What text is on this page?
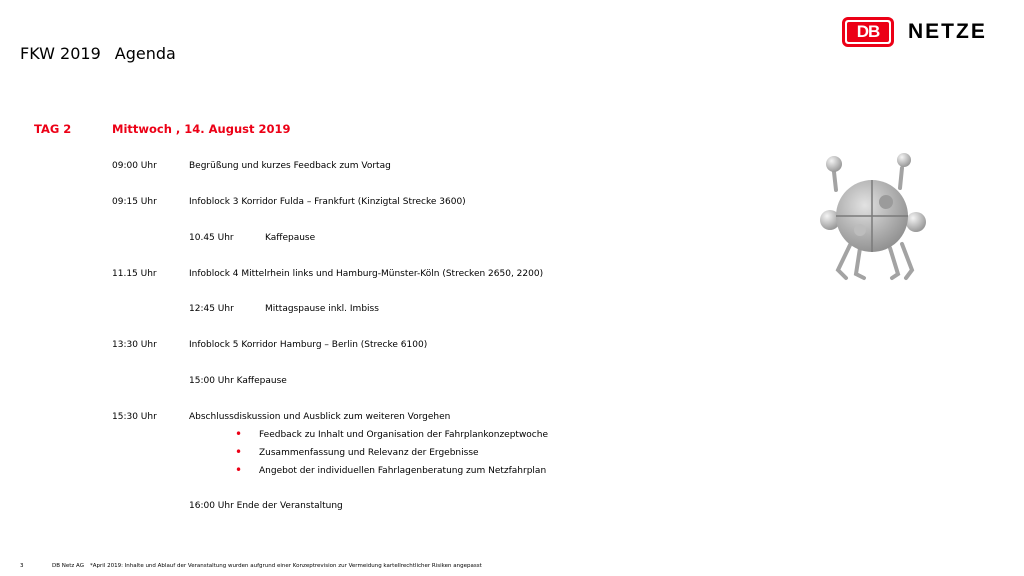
FKW 2019 Agenda
DB	NETZE
TAG 2	Mittwoch , 14. August 2019
09:00 Uhr	Begrüßung und kurzes Feedback zum Vortag
09:15 Uhr	Infoblock 3 Korridor Fulda – Frankfurt (Kinzigtal Strecke 3600)
10.45 Uhr	Kaffepause
11.15 Uhr	Infoblock 4 Mittelrhein links und Hamburg-Münster-Köln (Strecken 2650, 2200)
12:45 Uhr	Mittagspause inkl. Imbiss
13:30 Uhr	Infoblock 5 Korridor Hamburg – Berlin (Strecke 6100)
15:00 Uhr Kaffepause
15:30 Uhr	Abschlussdiskussion und Ausblick zum weiteren Vorgehen
• Feedback zu Inhalt und Organisation der Fahrplankonzeptwoche
• Zusammenfassung und Relevanz der Ergebnisse
• Angebot der individuellen Fahrlagenberatung zum Netzfahrplan
16:00 Uhr Ende der Veranstaltung
3	DB Netz AG *April 2019: Inhalte und Ablauf der Veranstaltung wurden aufgrund einer Konzeptrevision zur Vermeidung kartellrechtlicher Risiken angepasst
